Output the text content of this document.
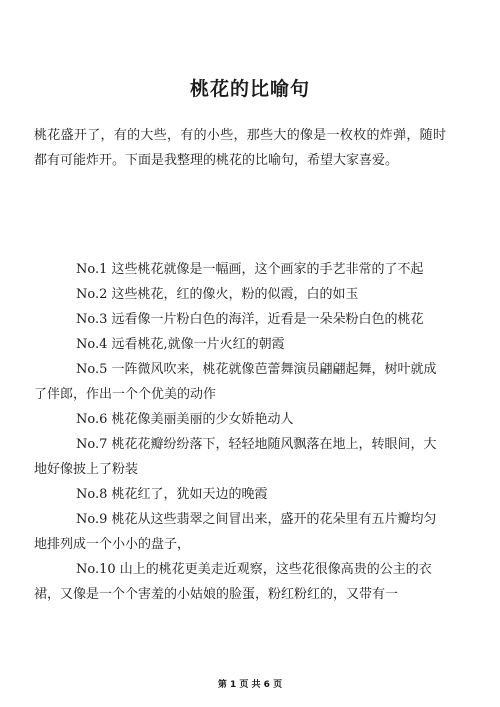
桃花的比喻句
桃花盛开了，有的大些，有的小些，那些大的像是一枚枚的炸弹，随时都有可能炸开。下面是我整理的桃花的比喻句，希望大家喜爱。

No.1 这些桃花就像是一幅画，这个画家的手艺非常的了不起

No.2 这些桃花，红的像火，粉的似霞，白的如玉

No.3 远看像一片粉白色的海洋，近看是一朵朵粉白色的桃花

No.4 远看桃花,就像一片火红的朝霞

No.5 一阵微风吹来，桃花就像芭蕾舞演员翩翩起舞，树叶就成了伴郎，作出一个个优美的动作

No.6 桃花像美丽美丽的少女娇艳动人

No.7 桃花花瓣纷纷落下，轻轻地随风飘落在地上，转眼间，大地好像披上了粉装

No.8 桃花红了，犹如天边的晚霞

No.9 桃花从这些翡翠之间冒出来，盛开的花朵里有五片瓣均匀地排列成一个小小的盘子，

No.10 山上的桃花更美走近观察，这些花很像高贵的公主的衣裙，又像是一个个害羞的小姑娘的脸蛋，粉红粉红的，又带有一

第 1 页 共 6 页
